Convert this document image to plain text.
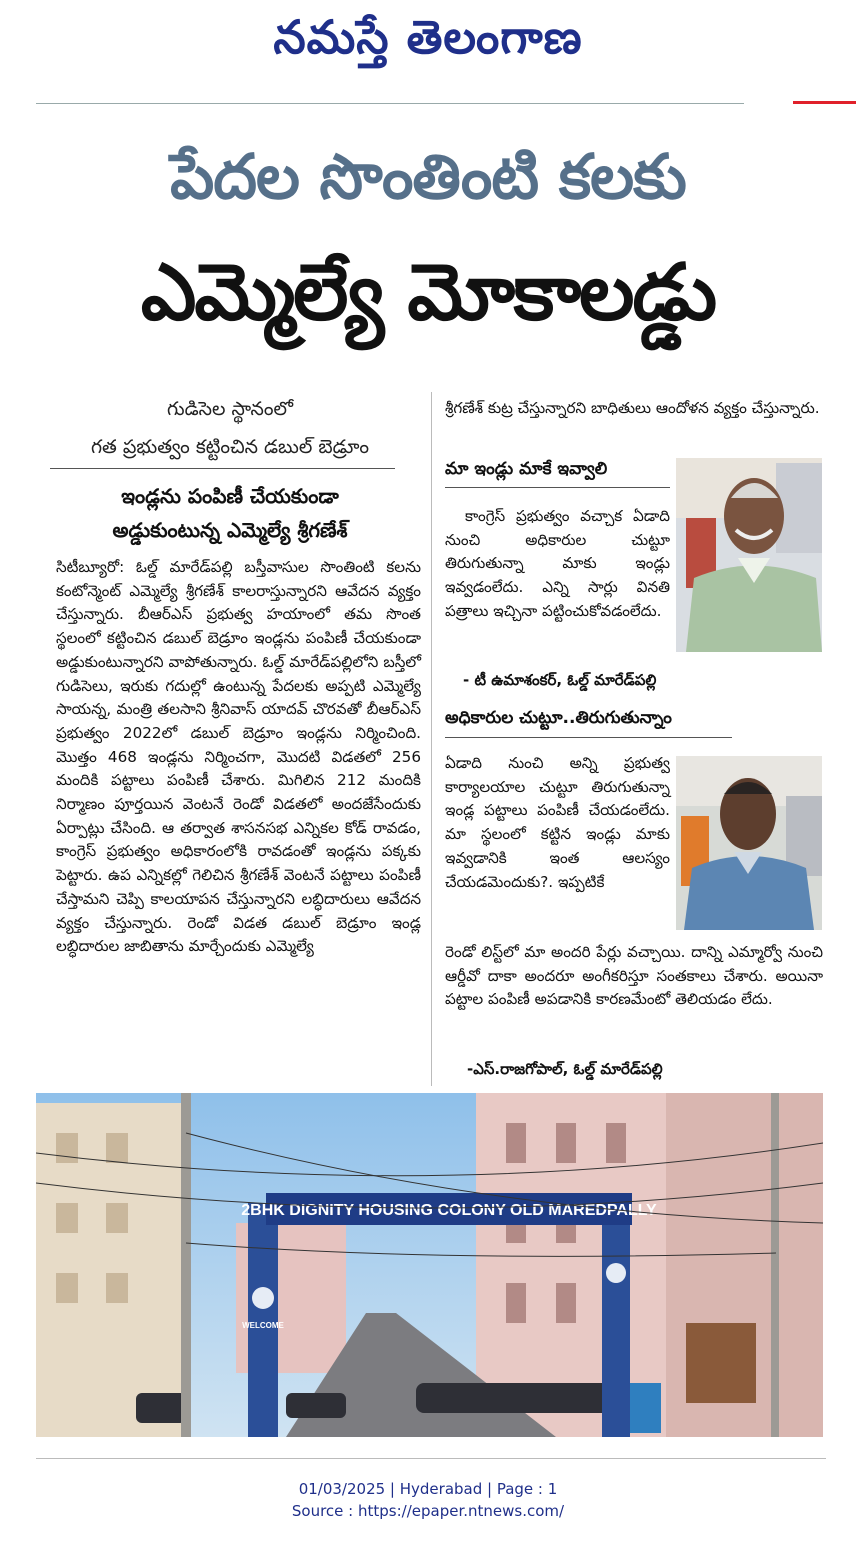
నమస్తే తెలంగాణ
పేదల సొంతింటి కలకు
ఎమ్మెల్యే మోకాలడ్డు
గుడిసెల స్థానంలో
గత ప్రభుత్వం కట్టించిన డబుల్ బెడ్రూం
ఇండ్లను పంపిణీ చేయకుండా
అడ్డుకుంటున్న ఎమ్మెల్యే శ్రీగణేశ్
సిటీబ్యూరో: ఓల్డ్ మారేడ్‌పల్లి బస్తీవాసుల సొంతింటి కలను కంటోన్మెంట్ ఎమ్మెల్యే శ్రీగణేశ్ కాలరాస్తున్నారని ఆవేదన వ్యక్తం చేస్తున్నారు. బీఆర్ఎస్ ప్రభుత్వ హయాంలో తమ సొంత స్థలంలో కట్టించిన డబుల్ బెడ్రూం ఇండ్లను పంపిణీ చేయకుండా అడ్డుకుంటున్నారని వాపోతున్నారు. ఓల్డ్ మారేడ్‌పల్లిలోని బస్తీలో గుడిసెలు, ఇరుకు గదుల్లో ఉంటున్న పేదలకు అప్పటి ఎమ్మెల్యే సాయన్న, మంత్రి తలసాని శ్రీనివాస్ యాదవ్ చొరవతో బీఆర్ఎస్ ప్రభుత్వం 2022లో డబుల్ బెడ్రూం ఇండ్లను నిర్మించింది. మొత్తం 468 ఇండ్లను నిర్మించగా, మొదటి విడతలో 256 మందికి పట్టాలు పంపిణీ చేశారు. మిగిలిన 212 మందికి నిర్మాణం పూర్తయిన వెంటనే రెండో విడతలో అందజేసేందుకు ఏర్పాట్లు చేసింది. ఆ తర్వాత శాసనసభ ఎన్నికల కోడ్ రావడం, కాంగ్రెస్ ప్రభుత్వం అధికారంలోకి రావడంతో ఇండ్లను పక్కకు పెట్టారు. ఉప ఎన్నికల్లో గెలిచిన శ్రీగణేశ్ వెంటనే పట్టాలు పంపిణీ చేస్తామని చెప్పి కాలయాపన చేస్తున్నారని లబ్ధిదారులు ఆవేదన వ్యక్తం చేస్తున్నారు. రెండో విడత డబుల్ బెడ్రూం ఇండ్ల లబ్ధిదారుల జాబితాను మార్చేందుకు ఎమ్మెల్యే
శ్రీగణేశ్ కుట్ర చేస్తున్నారని బాధితులు ఆందోళన వ్యక్తం చేస్తున్నారు.
మా ఇండ్లు మాకే ఇవ్వాలి
కాంగ్రెస్ ప్రభుత్వం వచ్చాక ఏడాది నుంచి అధికారుల చుట్టూ తిరుగుతున్నా మాకు ఇండ్లు ఇవ్వడంలేదు. ఎన్ని సార్లు వినతి పత్రాలు ఇచ్చినా పట్టించుకోవడంలేదు.
- టీ ఉమాశంకర్, ఓల్డ్ మారేడ్‌పల్లి
అధికారుల చుట్టూ..తిరుగుతున్నాం
ఏడాది నుంచి అన్ని ప్రభుత్వ కార్యాలయాల చుట్టూ తిరుగుతున్నా ఇండ్ల పట్టాలు పంపిణీ చేయడంలేదు. మా స్థలంలో కట్టిన ఇండ్లు మాకు ఇవ్వడానికి ఇంత ఆలస్యం చేయడమెందుకు?. ఇప్పటికే
రెండో లిస్ట్‌లో మా అందరి పేర్లు వచ్చాయి. దాన్ని ఎమ్మార్వో నుంచి ఆర్డీవో దాకా అందరూ అంగీకరిస్తూ సంతకాలు చేశారు. అయినా పట్టాల పంపిణీ అపడానికి కారణమేంటో తెలియడం లేదు.
-ఎస్.రాజగోపాల్, ఓల్డ్ మారేడ్‌పల్లి
2BHK DIGNITY HOUSING COLONY OLD MAREDPALLY
WELCOME
01/03/2025 | Hyderabad | Page : 1
Source : https://epaper.ntnews.com/
